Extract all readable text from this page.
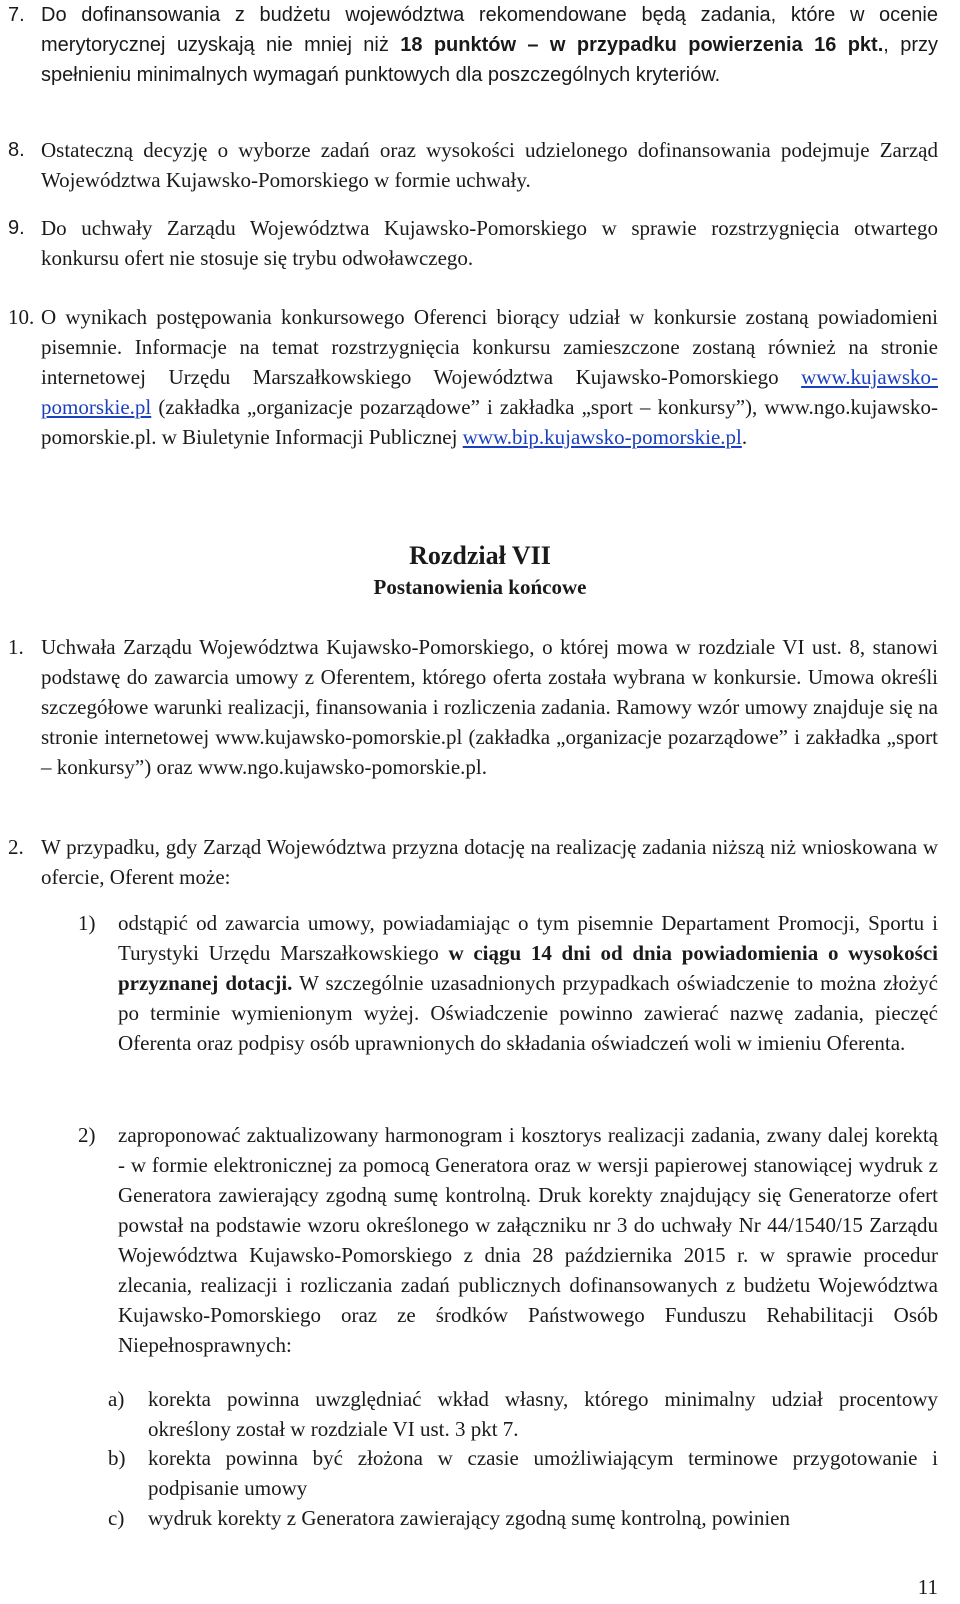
7. Do dofinansowania z budżetu województwa rekomendowane będą zadania, które w ocenie merytorycznej uzyskają nie mniej niż 18 punktów – w przypadku powierzenia 16 pkt., przy spełnieniu minimalnych wymagań punktowych dla poszczególnych kryteriów.
8. Ostateczną decyzję o wyborze zadań oraz wysokości udzielonego dofinansowania podejmuje Zarząd Województwa Kujawsko-Pomorskiego w formie uchwały.
9. Do uchwały Zarządu Województwa Kujawsko-Pomorskiego w sprawie rozstrzygnięcia otwartego konkursu ofert nie stosuje się trybu odwoławczego.
10. O wynikach postępowania konkursowego Oferenci biorący udział w konkursie zostaną powiadomieni pisemnie. Informacje na temat rozstrzygnięcia konkursu zamieszczone zostaną również na stronie internetowej Urzędu Marszałkowskiego Województwa Kujawsko-Pomorskiego www.kujawsko-pomorskie.pl (zakładka „organizacje pozarządowe” i zakładka „sport – konkursy”), www.ngo.kujawsko-pomorskie.pl. w Biuletynie Informacji Publicznej www.bip.kujawsko-pomorskie.pl.
Rozdział VII
Postanowienia końcowe
1. Uchwała Zarządu Województwa Kujawsko-Pomorskiego, o której mowa w rozdziale VI ust. 8, stanowi podstawę do zawarcia umowy z Oferentem, którego oferta została wybrana w konkursie. Umowa określi szczegółowe warunki realizacji, finansowania i rozliczenia zadania. Ramowy wzór umowy znajduje się na stronie internetowej www.kujawsko-pomorskie.pl (zakładka „organizacje pozarządowe” i zakładka „sport – konkursy”) oraz www.ngo.kujawsko-pomorskie.pl.
2. W przypadku, gdy Zarząd Województwa przyzna dotację na realizację zadania niższą niż wnioskowana w ofercie, Oferent może:
1) odstąpić od zawarcia umowy, powiadamiając o tym pisemnie Departament Promocji, Sportu i Turystyki Urzędu Marszałkowskiego w ciągu 14 dni od dnia powiadomienia o wysokości przyznanej dotacji. W szczególnie uzasadnionych przypadkach oświadczenie to można złożyć po terminie wymienionym wyżej. Oświadczenie powinno zawierać nazwę zadania, pieczęć Oferenta oraz podpisy osób uprawnionych do składania oświadczeń woli w imieniu Oferenta.
2) zaproponować zaktualizowany harmonogram i kosztorys realizacji zadania, zwany dalej korektą - w formie elektronicznej za pomocą Generatora oraz w wersji papierowej stanowiącej wydruk z Generatora zawierający zgodną sumę kontrolną. Druk korekty znajdujący się Generatorze ofert powstał na podstawie wzoru określonego w załączniku nr 3 do uchwały Nr 44/1540/15 Zarządu Województwa Kujawsko-Pomorskiego z dnia 28 października 2015 r. w sprawie procedur zlecania, realizacji i rozliczania zadań publicznych dofinansowanych z budżetu Województwa Kujawsko-Pomorskiego oraz ze środków Państwowego Funduszu Rehabilitacji Osób Niepełnosprawnych:
a) korekta powinna uwzględniać wkład własny, którego minimalny udział procentowy określony został w rozdziale VI ust. 3 pkt 7.
b) korekta powinna być złożona w czasie umożliwiającym terminowe przygotowanie i podpisanie umowy
c) wydruk korekty z Generatora zawierający zgodną sumę kontrolną, powinien
11
